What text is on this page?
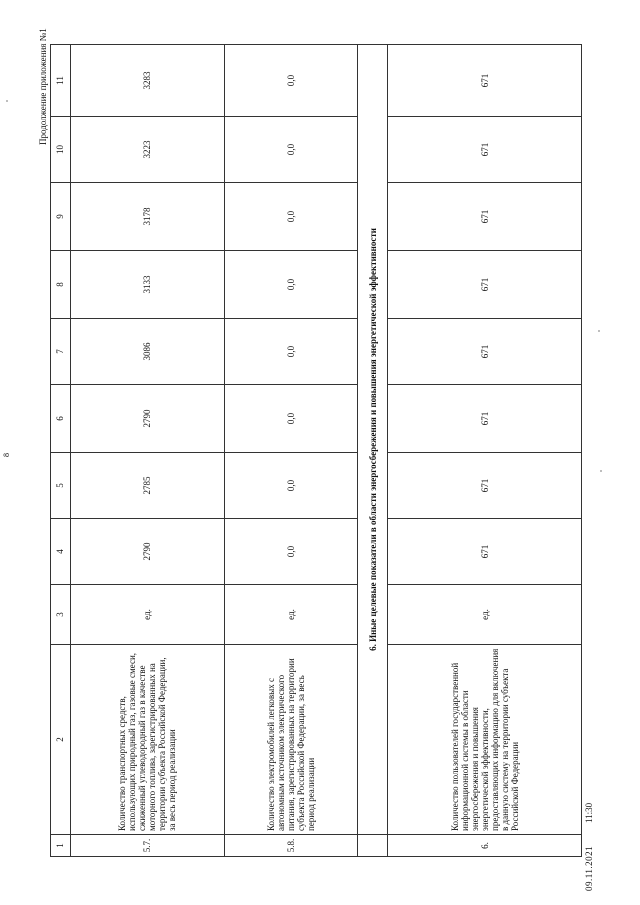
8
Продолжение приложения №1
1	2	3	4	5	6	7	8	9	10	11
5.7.	Количество транспортных средств, использующих природный газ, газовые смеси, сжиженный углеводородный газ в качестве моторного топлива, зарегистрированных на территории субъекта Российской Федерации, за весь период реализации	ед.	2790	2785	2790	3086	3133	3178	3223	3283
5.8.	Количество электромобилей легковых с автономным источником электрического питания, зарегистрированных на территории субъекта Российской Федерации, за весь период реализации	ед.	0,0	0,0	0,0	0,0	0,0	0,0	0,0	0,0
	6. Иные целевые показатели в области энергосбережения и повышения энергетической эффективности									
6.	Количество пользователей государственной информационной системы в области энергосбережения и повышения энергетической эффективности, предоставляющих информацию для включения в данную систему на территории субъекта Российской Федерации	ед.	671	671	671	671	671	671	671	671
09.11.2021
11:30
